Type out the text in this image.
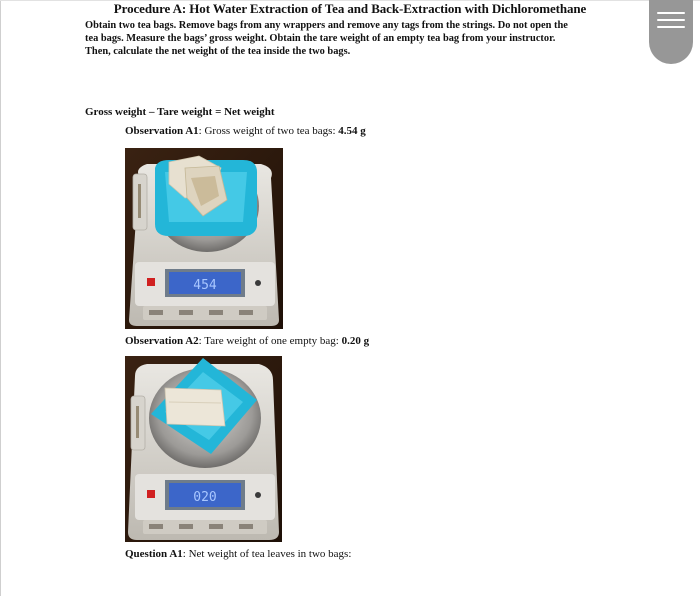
Procedure A: Hot Water Extraction of Tea and Back-Extraction with Dichloromethane
Obtain two tea bags. Remove bags from any wrappers and remove any tags from the strings. Do not open the
tea bags. Measure the bags’ gross weight. Obtain the tare weight of an empty tea bag from your instructor.
Then, calculate the net weight of the tea inside the two bags.
Gross weight – Tare weight = Net weight
Observation A1: Gross weight of two tea bags: 4.54 g
454
Observation A2: Tare weight of one empty bag: 0.20 g
020
Question A1: Net weight of tea leaves in two bags:
